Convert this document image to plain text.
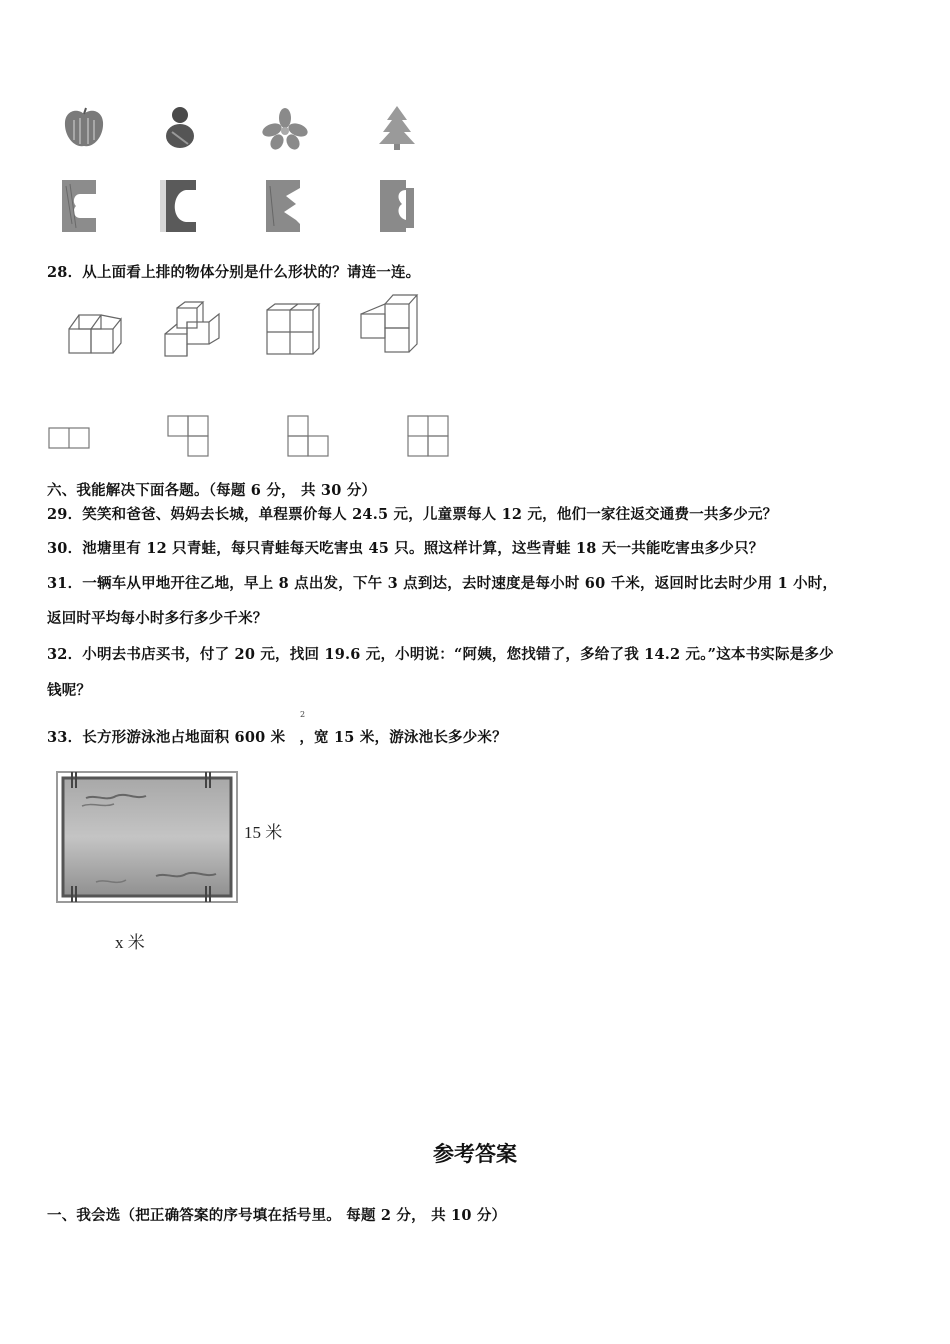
28．从上面看上排的物体分别是什么形状的？请连一连。
六、我能解决下面各题。（每题 6 分， 共 30 分）
29．笑笑和爸爸、妈妈去长城，单程票价每人 24.5 元，儿童票每人 12 元，他们一家往返交通费一共多少元？
30．池塘里有 12 只青蛙，每只青蛙每天吃害虫 45 只。照这样计算，这些青蛙 18 天一共能吃害虫多少只？
31．一辆车从甲地开往乙地，早上 8 点出发，下午 3 点到达，去时速度是每小时 60 千米，返回时比去时少用 1 小时，
返回时平均每小时多行多少千米？
32．小明去书店买书，付了 20 元，找回 19.6 元，小明说：“阿姨，您找错了，多给了我 14.2 元。”这本书实际是多少
钱呢？
33．长方形游泳池占地面积 600 米 ，宽 15 米，游泳池长多少米？
2
15 米
x 米
参考答案
一、我会选（把正确答案的序号填在括号里。 每题 2 分， 共 10 分）
